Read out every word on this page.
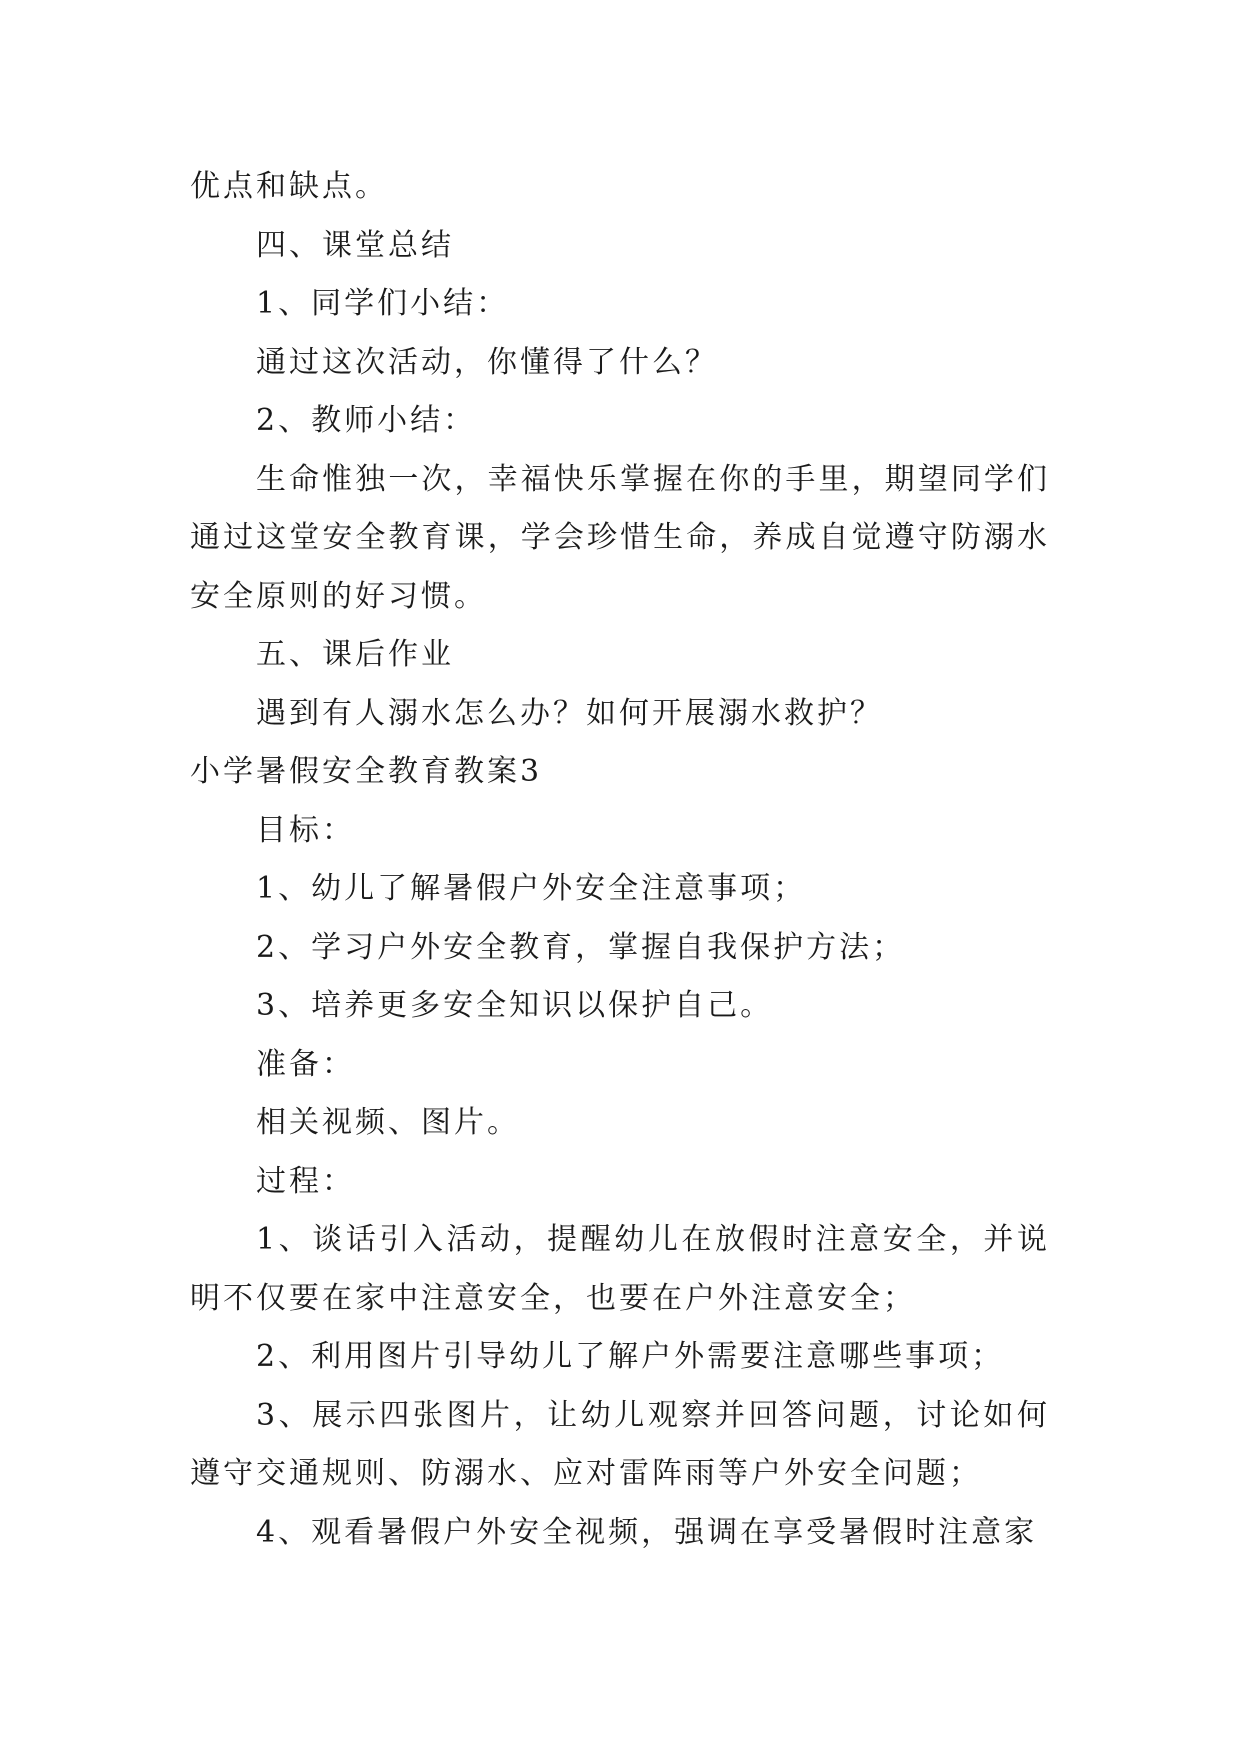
优点和缺点。

四、课堂总结

1、同学们小结：

通过这次活动，你懂得了什么？

2、教师小结：

生命惟独一次，幸福快乐掌握在你的手里，期望同学们通过这堂安全教育课，学会珍惜生命，养成自觉遵守防溺水安全原则的好习惯。

五、课后作业

遇到有人溺水怎么办？如何开展溺水救护？

小学暑假安全教育教案3

目标：

1、幼儿了解暑假户外安全注意事项；

2、学习户外安全教育，掌握自我保护方法；

3、培养更多安全知识以保护自己。

准备：

相关视频、图片。

过程：

1、谈话引入活动，提醒幼儿在放假时注意安全，并说明不仅要在家中注意安全，也要在户外注意安全；

2、利用图片引导幼儿了解户外需要注意哪些事项；

3、展示四张图片，让幼儿观察并回答问题，讨论如何遵守交通规则、防溺水、应对雷阵雨等户外安全问题；

4、观看暑假户外安全视频，强调在享受暑假时注意家
